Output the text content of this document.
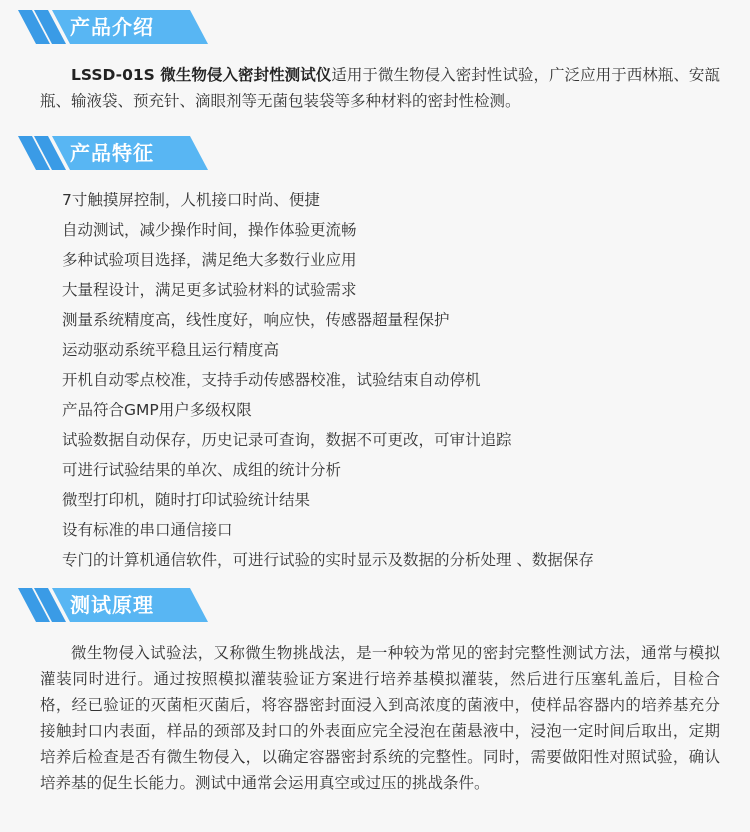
产品介绍

LSSD-01S 微生物侵入密封性测试仪适用于微生物侵入密封性试验，广泛应用于西林瓶、安瓿瓶、输液袋、预充针、滴眼剂等无菌包装袋等多种材料的密封性检测。

产品特征
7寸触摸屏控制，人机接口时尚、便捷
自动测试，减少操作时间，操作体验更流畅
多种试验项目选择，满足绝大多数行业应用
大量程设计，满足更多试验材料的试验需求
测量系统精度高，线性度好，响应快，传感器超量程保护
运动驱动系统平稳且运行精度高
开机自动零点校准，支持手动传感器校准，试验结束自动停机
产品符合GMP用户多级权限
试验数据自动保存，历史记录可查询，数据不可更改，可审计追踪
可进行试验结果的单次、成组的统计分析
微型打印机，随时打印试验统计结果
设有标准的串口通信接口
专门的计算机通信软件，可进行试验的实时显示及数据的分析处理 、数据保存
测试原理

微生物侵入试验法，又称微生物挑战法，是一种较为常见的密封完整性测试方法，通常与模拟灌装同时进行。通过按照模拟灌装验证方案进行培养基模拟灌装，然后进行压塞轧盖后，目检合格，经已验证的灭菌柜灭菌后，将容器密封面浸入到高浓度的菌液中，使样品容器内的培养基充分接触封口内表面，样品的颈部及封口的外表面应完全浸泡在菌悬液中，浸泡一定时间后取出，定期培养后检查是否有微生物侵入，以确定容器密封系统的完整性。同时，需要做阳性对照试验，确认培养基的促生长能力。测试中通常会运用真空或过压的挑战条件。
